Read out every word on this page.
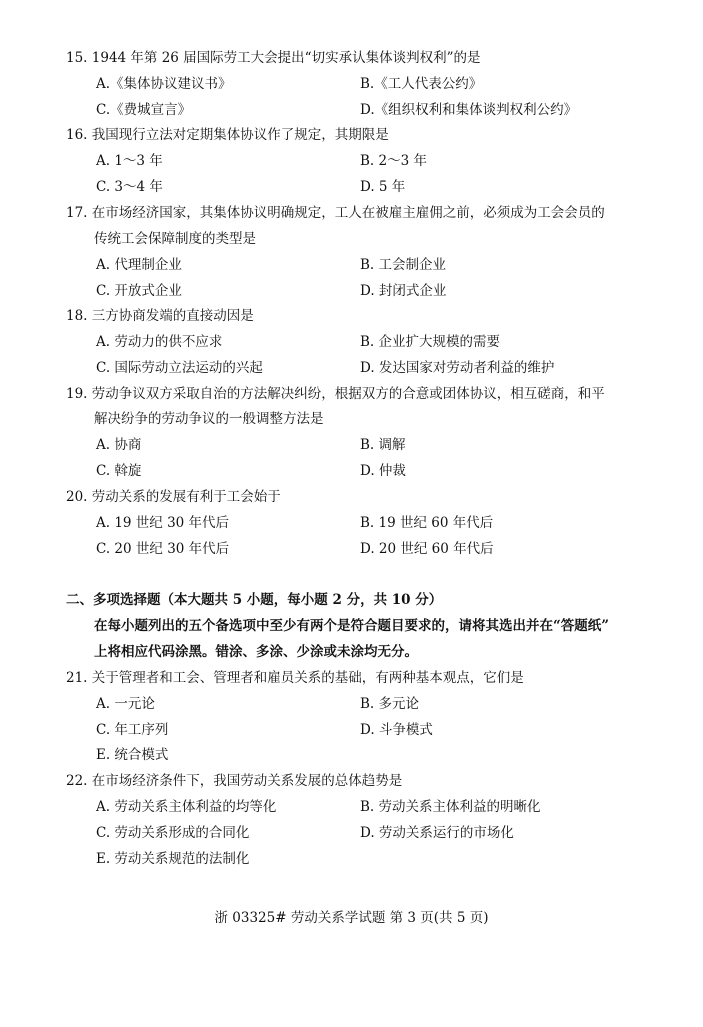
15. 1944 年第 26 届国际劳工大会提出“切实承认集体谈判权利”的是
A.《集体协议建议书》	B.《工人代表公约》
C.《费城宣言》	D.《组织权利和集体谈判权利公约》
16. 我国现行立法对定期集体协议作了规定，其期限是
A. 1～3 年	B. 2～3 年
C. 3～4 年	D. 5 年
17. 在市场经济国家，其集体协议明确规定，工人在被雇主雇佣之前，必须成为工会会员的
传统工会保障制度的类型是
A. 代理制企业	B. 工会制企业
C. 开放式企业	D. 封闭式企业
18. 三方协商发端的直接动因是
A. 劳动力的供不应求	B. 企业扩大规模的需要
C. 国际劳动立法运动的兴起	D. 发达国家对劳动者利益的维护
19. 劳动争议双方采取自治的方法解决纠纷，根据双方的合意或团体协议，相互磋商，和平
解决纷争的劳动争议的一般调整方法是
A. 协商	B. 调解
C. 斡旋	D. 仲裁
20. 劳动关系的发展有利于工会始于
A. 19 世纪 30 年代后	B. 19 世纪 60 年代后
C. 20 世纪 30 年代后	D. 20 世纪 60 年代后
二、多项选择题（本大题共 5 小题，每小题 2 分，共 10 分）
在每小题列出的五个备选项中至少有两个是符合题目要求的，请将其选出并在“答题纸”
上将相应代码涂黑。错涂、多涂、少涂或未涂均无分。
21. 关于管理者和工会、管理者和雇员关系的基础，有两种基本观点，它们是
A. 一元论	B. 多元论
C. 年工序列	D. 斗争模式
E. 统合模式
22. 在市场经济条件下，我国劳动关系发展的总体趋势是
A. 劳动关系主体利益的均等化	B. 劳动关系主体利益的明晰化
C. 劳动关系形成的合同化	D. 劳动关系运行的市场化
E. 劳动关系规范的法制化
浙 03325# 劳动关系学试题 第 3 页(共 5 页)
